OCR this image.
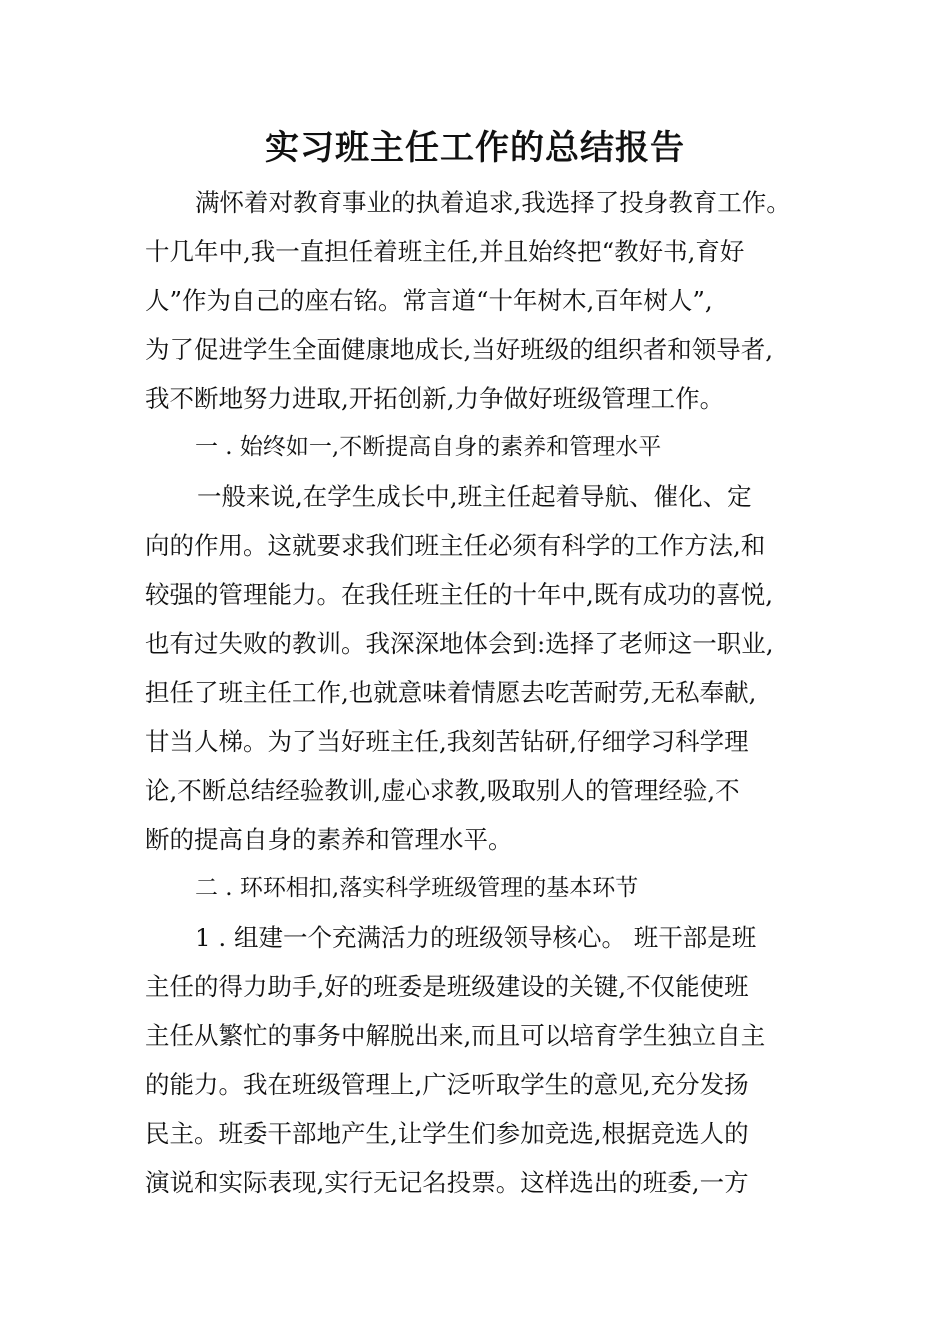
实习班主任工作的总结报告
满怀着对教育事业的执着追求,我选择了投身教育工作。
十几年中,我一直担任着班主任,并且始终把“教好书,育好
人”作为自己的座右铭。常言道“十年树木,百年树人”,
为了促进学生全面健康地成长,当好班级的组织者和领导者,
我不断地努力进取,开拓创新,力争做好班级管理工作。
一 . 始终如一,不断提高自身的素养和管理水平
一般来说,在学生成长中,班主任起着导航、催化、定
向的作用。这就要求我们班主任必须有科学的工作方法,和
较强的管理能力。在我任班主任的十年中,既有成功的喜悦,
也有过失败的教训。我深深地体会到:选择了老师这一职业,
担任了班主任工作,也就意味着情愿去吃苦耐劳,无私奉献,
甘当人梯。为了当好班主任,我刻苦钻研,仔细学习科学理
论,不断总结经验教训,虚心求教,吸取别人的管理经验,不
断的提高自身的素养和管理水平。
二 . 环环相扣,落实科学班级管理的基本环节
1 . 组建一个充满活力的班级领导核心。 班干部是班
主任的得力助手,好的班委是班级建设的关键,不仅能使班
主任从繁忙的事务中解脱出来,而且可以培育学生独立自主
的能力。我在班级管理上,广泛听取学生的意见,充分发扬
民主。班委干部地产生,让学生们参加竞选,根据竞选人的
演说和实际表现,实行无记名投票。这样选出的班委,一方
